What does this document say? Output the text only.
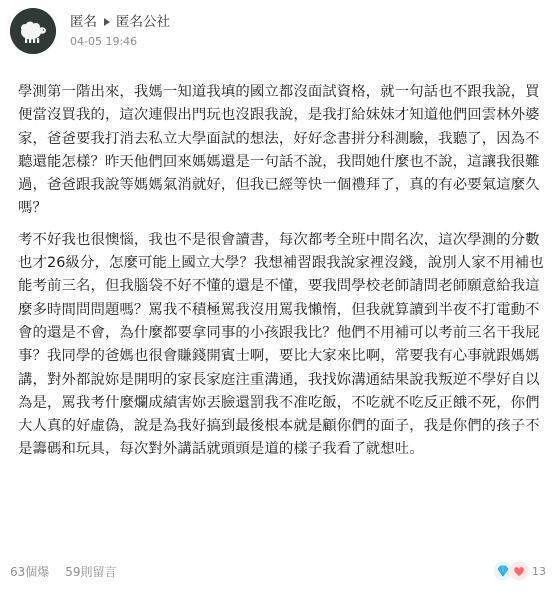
匿名 匿名公社
04-05 19:46

學測第一階出來，我媽一知道我填的國立都沒面試資格，就一句話也不跟我說，買便當沒買我的，這次連假出門玩也沒跟我說，是我打給妹妹才知道他們回雲林外婆家，爸爸要我打消去私立大學面試的想法，好好念書拼分科測驗，我聽了，因為不聽還能怎樣？昨天他們回來媽媽還是一句話不說，我問她什麼也不說，這讓我很難過，爸爸跟我說等媽媽氣消就好，但我已經等快一個禮拜了，真的有必要氣這麼久嗎？

考不好我也很懊惱，我也不是很會讀書，每次都考全班中間名次，這次學測的分數也才26級分，怎麼可能上國立大學？我想補習跟我說家裡沒錢，說別人家不用補也能考前三名，但我腦袋不好不懂的還是不懂，要我問學校老師請問老師願意給我這麼多時間問問題嗎？罵我不積極罵我沒用罵我懶惰，但我就算讀到半夜不打電動不會的還是不會，為什麼都要拿同事的小孩跟我比？他們不用補可以考前三名干我屁事？我同學的爸媽也很會賺錢開賓士啊，要比大家來比啊，常要我有心事就跟媽媽講，對外都說妳是開明的家長家庭注重溝通，我找妳溝通結果說我叛逆不學好自以為是，罵我考什麼爛成績害妳丟臉還罰我不准吃飯，不吃就不吃反正餓不死，你們大人真的好虛偽，說是為我好搞到最後根本就是顧你們的面子，我是你們的孩子不是籌碼和玩具，每次對外講話就頭頭是道的樣子我看了就想吐。

63個爆 59則留言	13
